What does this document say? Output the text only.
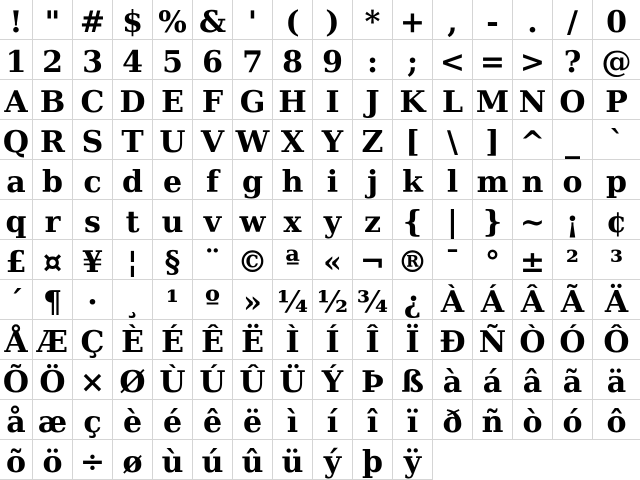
! " # $ % & ' ( ) * + , - . / 0
1 2 3 4 5 6 7 8 9 : ; < = > ? @
A B C D E F G H I J K L M N O P
Q R S T U V W X Y Z [ \ ] ^ _ `
a b c d e f g h i j k l m n o p
q r s t u v w x y z { | } ~ ¡ ¢
£ ¤ ¥ ¦ § ¨ © ª « ¬ ® ¯ ° ± ²	³
´ ¶ · ¸ ¹ º » ¼ ½ ¾ ¿ À Á Â Ã Ä
Å Æ Ç È É Ê Ë Ì Í Î Ï Ð Ñ Ò Ó Ô
Õ Ö × Ø Ù Ú Û Ü Ý Þ ß à á â ã ä
å æ ç è é ê ë ì í î ï ð ñ ò ó ô
õ ö ÷ ø ù ú û ü ý þ ÿ
